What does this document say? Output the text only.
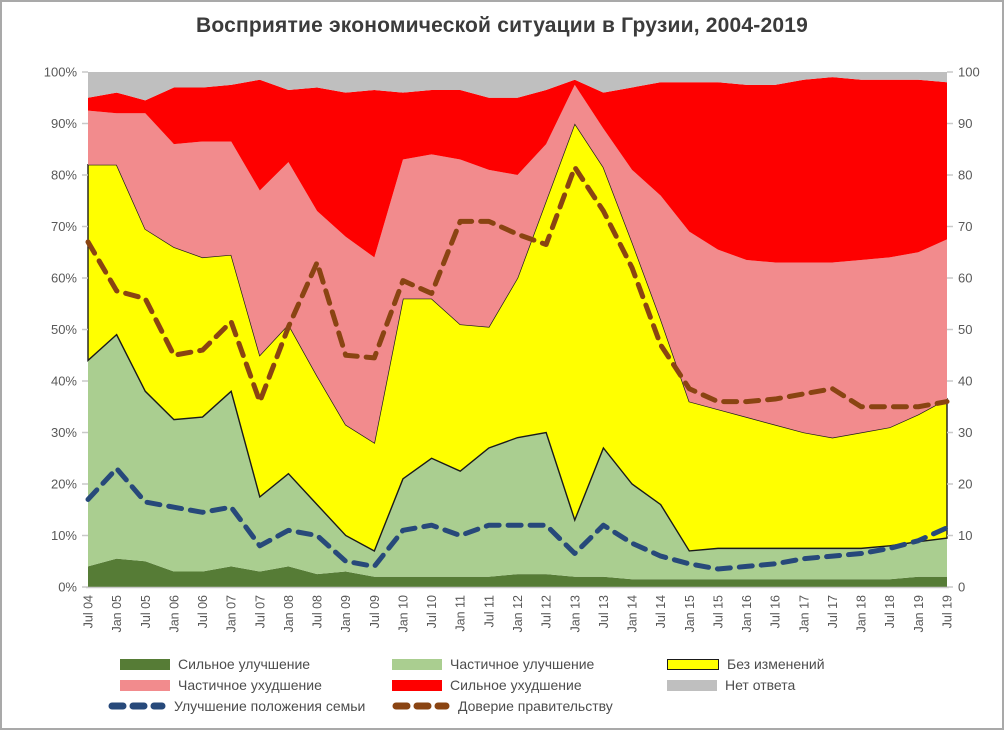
Восприятие экономической ситуации в Грузии, 2004-2019
0%	0
10%	10
20%	20
30%	30
40%	40
50%	50
60%	60
70%	70
80%	80
90%	90
100%	100
Jul 04 Jan 05 Jul 05 Jan 06 Jul 06 Jan 07 Jul 07 Jan 08 Jul 08 Jan 09 Jul 09 Jan 10 Jul 10 Jan 11 Jul 11 Jan 12 Jul 12 Jan 13 Jul 13 Jan 14 Jul 14 Jan 15 Jul 15 Jan 16 Jul 16 Jan 17 Jul 17 Jan 18 Jul 18 Jan 19 Jul 19
Сильное улучшение	Частичное улучшение	Без изменений
Частичное ухудшение	Сильное ухудшение	Нет ответа
Улучшение положения семьи	Доверие правительству
